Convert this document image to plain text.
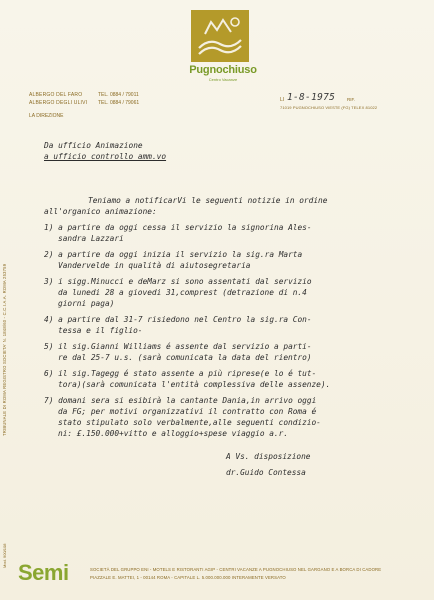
Pugnochiuso
Centro Vacanze
ALBERGO DEL FARO	TEL. 0884 / 79011
ALBERGO DEGLI ULIVI TEL. 0884 / 79061
LA DIREZIONE
LI 1-8-1975	RIF.
71019 PUGNOCHIUSO VIESTE (FG) TELEX 81022
Da ufficio Animazione
a ufficio controllo amm.vo
Teniamo a notificarVi le seguenti notizie in ordine
all'organico animazione:
1) a partire da oggi cessa il servizio la signorina Ales-
sandra Lazzari
2) a partire da oggi inizia il servizio la sig.ra Marta
Vandervelde in qualità di aiutosegretaria
3) i sigg.Minucci e deMarz si sono assentati dal servizio
da lunedi 28 a giovedi 31,comprest (detrazione di n.4
giorni paga)
4) a partire dal 31-7 risiedono nel Centro la sig.ra Con-
tessa e il figlio-
5) il sig.Gianni Williams é assente dal servizio a parti-
re dal 25-7 u.s. (sarà comunicata la data del rientro)
6) il sig.Tagegg é stato assente a più riprese(e lo é tut-
tora)(sarà comunicata l'entità complessiva delle assenze).
7) domani sera si esibirà la cantante Dania,in arrivo oggi
da FG; per motivi organizzativi il contratto con Roma é
stato stipulato solo verbalmente,alle seguenti condizio-
ni: £.150.000+vitto e alloggio+spese viaggio a.r.
A Vs. disposizione
dr.Guido Contessa
TRIBUNALE DI ROMA REGISTRO SOCIETA' N. 1848/60 - C.C.I.A.A. ROMA 253759
Mod. 900/108
Semi	SOCIETÀ DEL GRUPPO ENI - MOTELS E RISTORANTI AGIP - CENTRI VACANZE A PUGNOCHIUSO NEL GARGANO E A BORCA DI CADORE
PIAZZALE E. MATTEI, 1 - 00144 ROMA - CAPITALE L. 5.000.000.000 INTERAMENTE VERSATO
